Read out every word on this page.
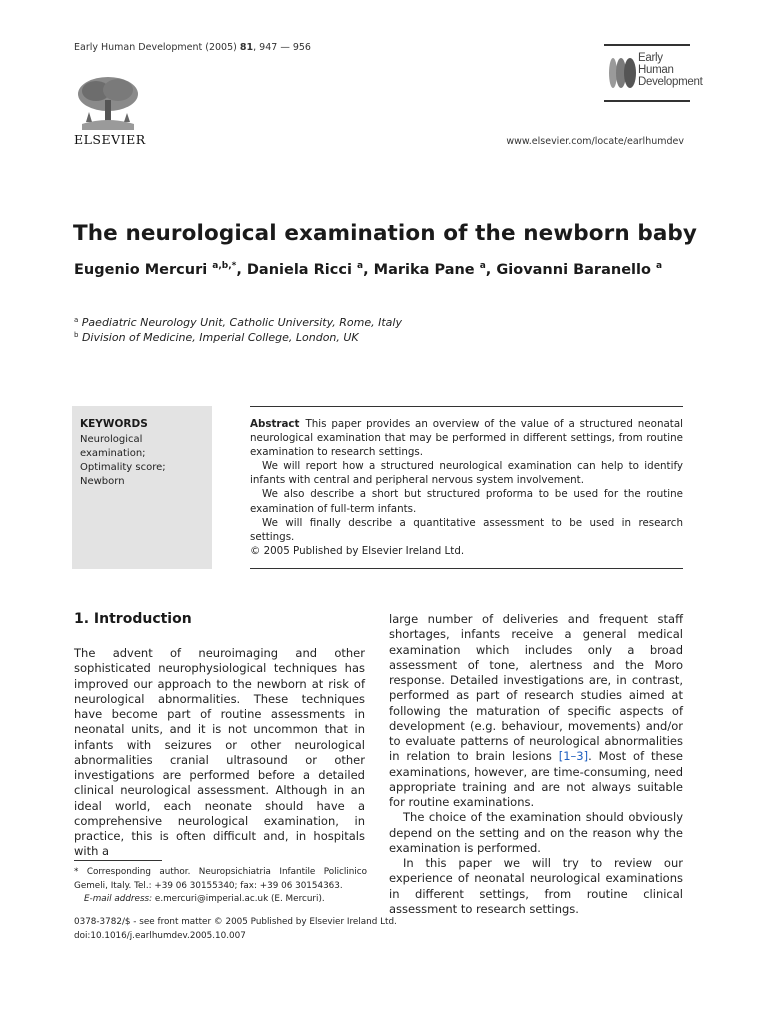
Early Human Development (2005) 81, 947 — 956
ELSEVIER
Early Human Development
www.elsevier.com/locate/earlhumdev
The neurological examination of the newborn baby
Eugenio Mercuri $^{a,b,*}$, Daniela Ricci $^a$, Marika Pane $^a$, Giovanni Baranello $^a$
$^a$ Paediatric Neurology Unit, Catholic University, Rome, Italy
$^b$ Division of Medicine, Imperial College, London, UK
KEYWORDS
Neurological
examination;
Optimality score;
Newborn

Abstract This paper provides an overview of the value of a structured neonatal neurological examination that may be performed in different settings, from routine examination to research settings.

We will report how a structured neurological examination can help to identify infants with central and peripheral nervous system involvement.

We also describe a short but structured proforma to be used for the routine examination of full-term infants.

We will finally describe a quantitative assessment to be used in research settings.

© 2005 Published by Elsevier Ireland Ltd.

1. Introduction

The advent of neuroimaging and other sophisticated neurophysiological techniques has improved our approach to the newborn at risk of neurological abnormalities. These techniques have become part of routine assessments in neonatal units, and it is not uncommon that in infants with seizures or other neurological abnormalities cranial ultrasound or other investigations are performed before a detailed clinical neurological assessment. Although in an ideal world, each neonate should have a comprehensive neurological examination, in practice, this is often difficult and, in hospitals with a

large number of deliveries and frequent staff shortages, infants receive a general medical examination which includes only a broad assessment of tone, alertness and the Moro response. Detailed investigations are, in contrast, performed as part of research studies aimed at following the maturation of specific aspects of development (e.g. behaviour, movements) and/or to evaluate patterns of neurological abnormalities in relation to brain lesions [1–3]. Most of these examinations, however, are time-consuming, need appropriate training and are not always suitable for routine examinations.

The choice of the examination should obviously depend on the setting and on the reason why the examination is performed.

In this paper we will try to review our experience of neonatal neurological examinations in different settings, from routine clinical assessment to research settings.

* Corresponding author. Neuropsichiatria Infantile Policlinico Gemeli, Italy. Tel.: +39 06 30155340; fax: +39 06 30154363.

E-mail address: e.mercuri@imperial.ac.uk (E. Mercuri).

0378-3782/$ - see front matter © 2005 Published by Elsevier Ireland Ltd.
doi:10.1016/j.earlhumdev.2005.10.007
